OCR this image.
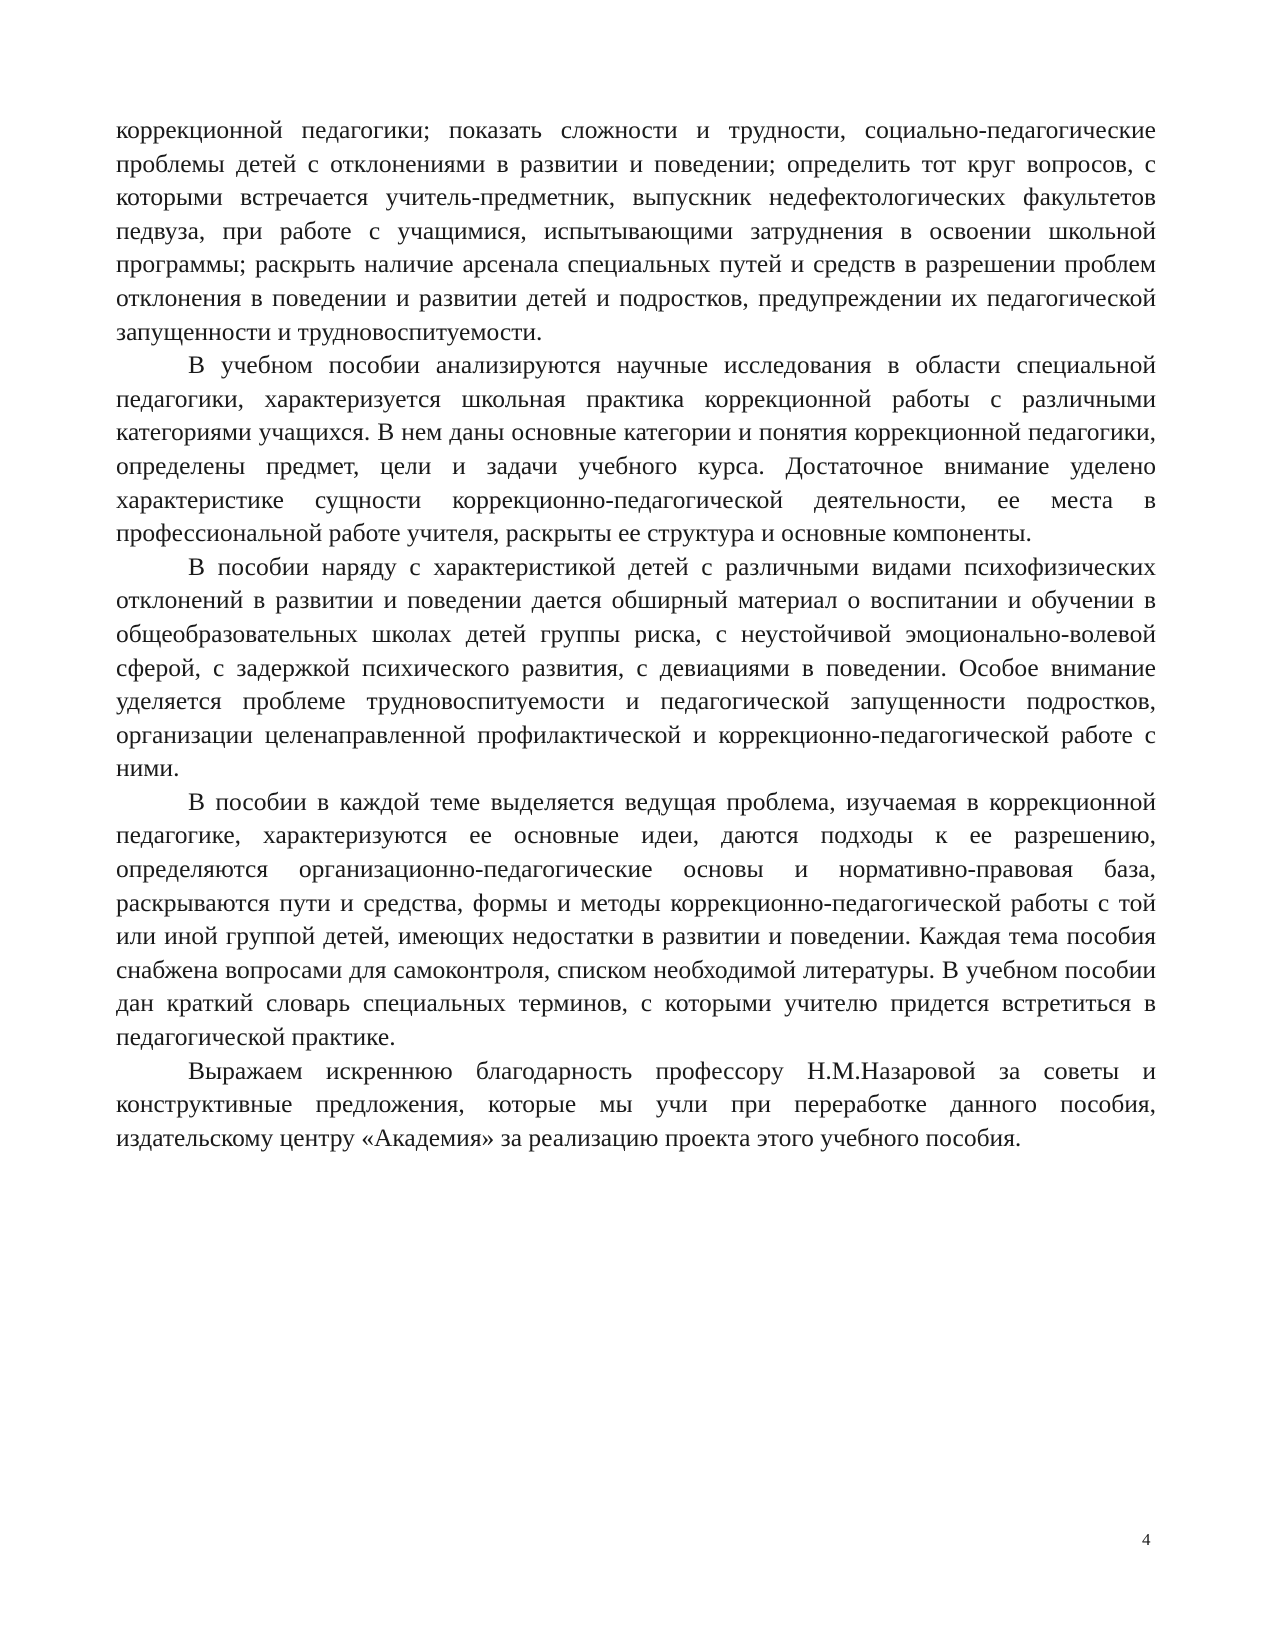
коррекционной педагогики; показать сложности и трудности, социально-педагогические проблемы детей с отклонениями в развитии и поведении; определить тот круг вопросов, с которыми встречается учитель-предметник, выпускник недефектологических факультетов педвуза, при работе с учащимися, испытывающими затруднения в освоении школьной программы; раскрыть наличие арсенала специальных путей и средств в разрешении проблем отклонения в поведении и развитии детей и подростков, предупреждении их педагогической запущенности и трудновоспитуемости.

В учебном пособии анализируются научные исследования в области специальной педагогики, характеризуется школьная практика коррекционной работы с различными категориями учащихся. В нем даны основные категории и понятия коррекционной педагогики, определены предмет, цели и задачи учебного курса. Достаточное внимание уделено характеристике сущности коррекционно-педагогической деятельности, ее места в профессиональной работе учителя, раскрыты ее структура и основные компоненты.

В пособии наряду с характеристикой детей с различными видами психофизических отклонений в развитии и поведении дается обширный материал о воспитании и обучении в общеобразовательных школах детей группы риска, с неустойчивой эмоционально-волевой сферой, с задержкой психического развития, с девиациями в поведении. Особое внимание уделяется проблеме трудновоспитуемости и педагогической запущенности подростков, организации целенаправленной профилактической и коррекционно-педагогической работе с ними.

В пособии в каждой теме выделяется ведущая проблема, изучаемая в коррекционной педагогике, характеризуются ее основные идеи, даются подходы к ее разрешению, определяются организационно-педагогические основы и нормативно-правовая база, раскрываются пути и средства, формы и методы коррекционно-педагогической работы с той или иной группой детей, имеющих недостатки в развитии и поведении. Каждая тема пособия снабжена вопросами для самоконтроля, списком необходимой литературы. В учебном пособии дан краткий словарь специальных терминов, с которыми учителю придется встретиться в педагогической практике.

Выражаем искреннюю благодарность профессору Н.М.Назаровой за советы и конструктивные предложения, которые мы учли при переработке данного пособия, издательскому центру «Академия» за реализацию проекта этого учебного пособия.

4
